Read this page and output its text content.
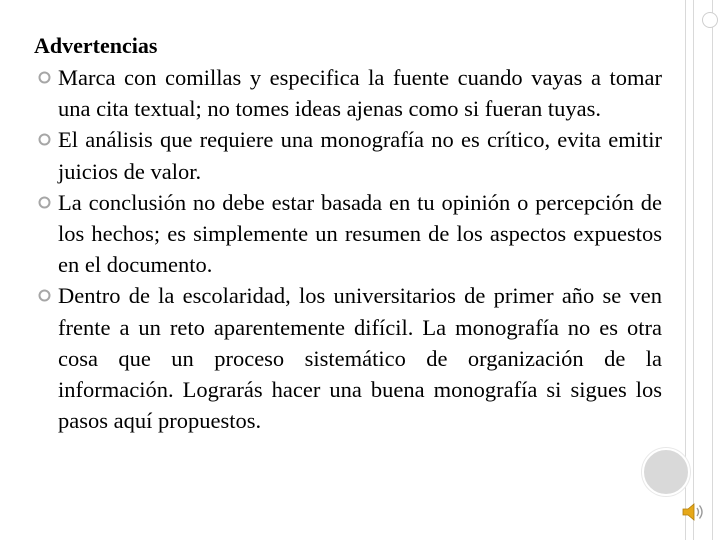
Advertencias
Marca con comillas y especifica la fuente cuando vayas a tomar una cita textual; no tomes ideas ajenas como si fueran tuyas.
El análisis que requiere una monografía no es crítico, evita emitir juicios de valor.
La conclusión no debe estar basada en tu opinión o percepción de los hechos; es simplemente un resumen de los aspectos expuestos en el documento.
Dentro de la escolaridad, los universitarios de primer año se ven frente a un reto aparentemente difícil. La monografía no es otra cosa que un proceso sistemático de organización de la información. Lograrás hacer una buena monografía si sigues los pasos aquí propuestos.
